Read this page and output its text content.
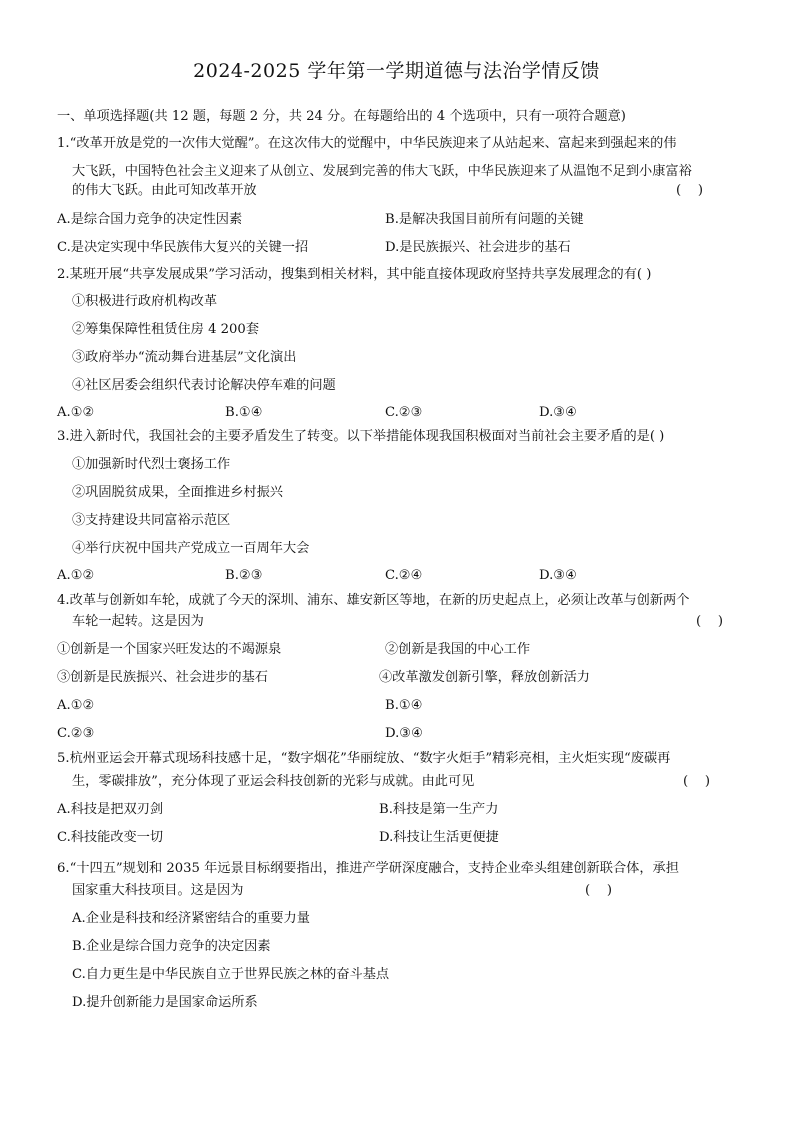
2024-2025 学年第一学期道德与法治学情反馈
一、单项选择题(共 12 题，每题 2 分，共 24 分。在每题给出的 4 个选项中，只有一项符合题意)
1.“改革开放是党的一次伟大觉醒”。在这次伟大的觉醒中，中华民族迎来了从站起来、富起来到强起来的伟
大飞跃，中国特色社会主义迎来了从创立、发展到完善的伟大飞跃，中华民族迎来了从温饱不足到小康富裕
的伟大飞跃。由此可知改革开放	(    )
A.是综合国力竞争的决定性因素	B.是解决我国目前所有问题的关键
C.是决定实现中华民族伟大复兴的关键一招	D.是民族振兴、社会进步的基石
2.某班开展“共享发展成果”学习活动，搜集到相关材料，其中能直接体现政府坚持共享发展理念的有( )
①积极进行政府机构改革
②筹集保障性租赁住房 4 200套
③政府举办“流动舞台进基层”文化演出
④社区居委会组织代表讨论解决停车难的问题
A.①②	B.①④	C.②③	D.③④
3.进入新时代，我国社会的主要矛盾发生了转变。以下举措能体现我国积极面对当前社会主要矛盾的是( )
①加强新时代烈士褒扬工作
②巩固脱贫成果，全面推进乡村振兴
③支持建设共同富裕示范区
④举行庆祝中国共产党成立一百周年大会
A.①②	B.②③	C.②④	D.③④
4.改革与创新如车轮，成就了今天的深圳、浦东、雄安新区等地，在新的历史起点上，必须让改革与创新两个
车轮一起转。这是因为	(    )
①创新是一个国家兴旺发达的不竭源泉	②创新是我国的中心工作
③创新是民族振兴、社会进步的基石	④改革激发创新引擎，释放创新活力
A.①②	B.①④
C.②③	D.③④
5.杭州亚运会开幕式现场科技感十足，“数字烟花”华丽绽放、“数字火炬手”精彩亮相，主火炬实现“废碳再
生，零碳排放”，充分体现了亚运会科技创新的光彩与成就。由此可见	(    )
A.科技是把双刃剑	B.科技是第一生产力
C.科技能改变一切	D.科技让生活更便捷
6.“十四五”规划和 2035 年远景目标纲要指出，推进产学研深度融合，支持企业牵头组建创新联合体，承担
国家重大科技项目。这是因为	(    )
A.企业是科技和经济紧密结合的重要力量
B.企业是综合国力竞争的决定因素
C.自力更生是中华民族自立于世界民族之林的奋斗基点
D.提升创新能力是国家命运所系
